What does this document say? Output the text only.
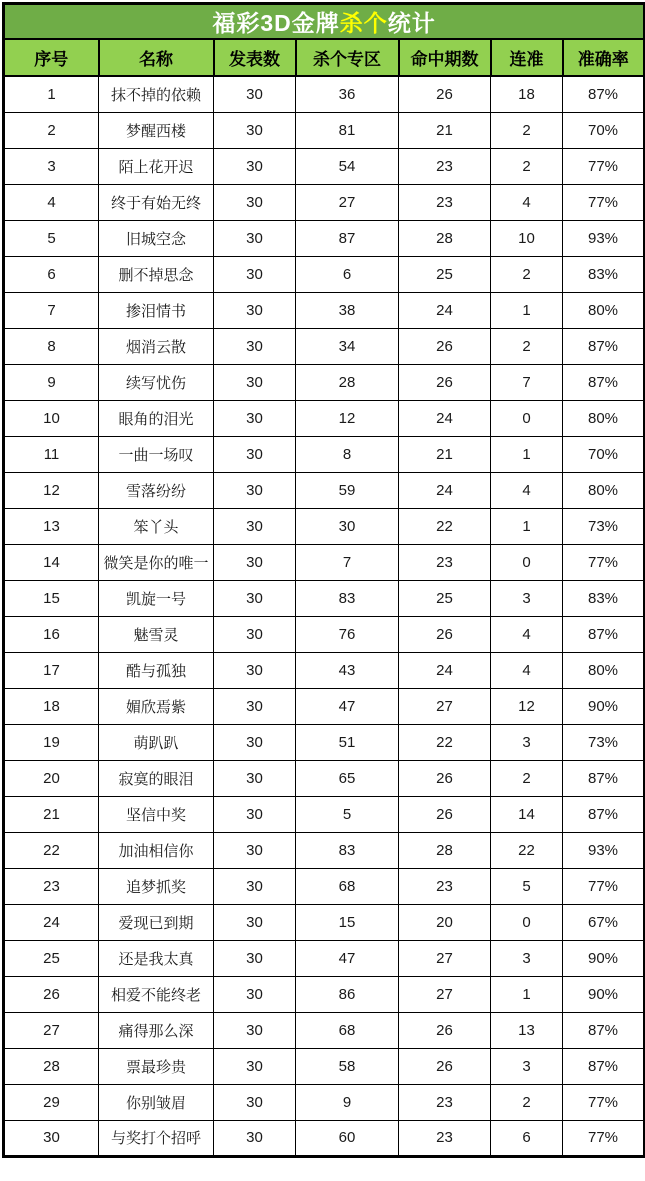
福彩3D金牌杀个统计						
序号	名称	发表数	杀个专区	命中期数	连准	准确率
1	抹不掉的依赖	30	36	26	18	87%
2	梦醒西楼	30	81	21	2	70%
3	陌上花开迟	30	54	23	2	77%
4	终于有始无终	30	27	23	4	77%
5	旧城空念	30	87	28	10	93%
6	删不掉思念	30	6	25	2	83%
7	掺泪情书	30	38	24	1	80%
8	烟消云散	30	34	26	2	87%
9	续写忧伤	30	28	26	7	87%
10	眼角的泪光	30	12	24	0	80%
11	一曲一场叹	30	8	21	1	70%
12	雪落纷纷	30	59	24	4	80%
13	笨丫头	30	30	22	1	73%
14	微笑是你的唯一	30	7	23	0	77%
15	凯旋一号	30	83	25	3	83%
16	魅雪灵	30	76	26	4	87%
17	酷与孤独	30	43	24	4	80%
18	媚欣焉紫	30	47	27	12	90%
19	萌趴趴	30	51	22	3	73%
20	寂寞的眼泪	30	65	26	2	87%
21	坚信中奖	30	5	26	14	87%
22	加油相信你	30	83	28	22	93%
23	追梦抓奖	30	68	23	5	77%
24	爱现已到期	30	15	20	0	67%
25	还是我太真	30	47	27	3	90%
26	相爱不能终老	30	86	27	1	90%
27	痛得那么深	30	68	26	13	87%
28	票最珍贵	30	58	26	3	87%
29	你别皱眉	30	9	23	2	77%
30	与奖打个招呼	30	60	23	6	77%
